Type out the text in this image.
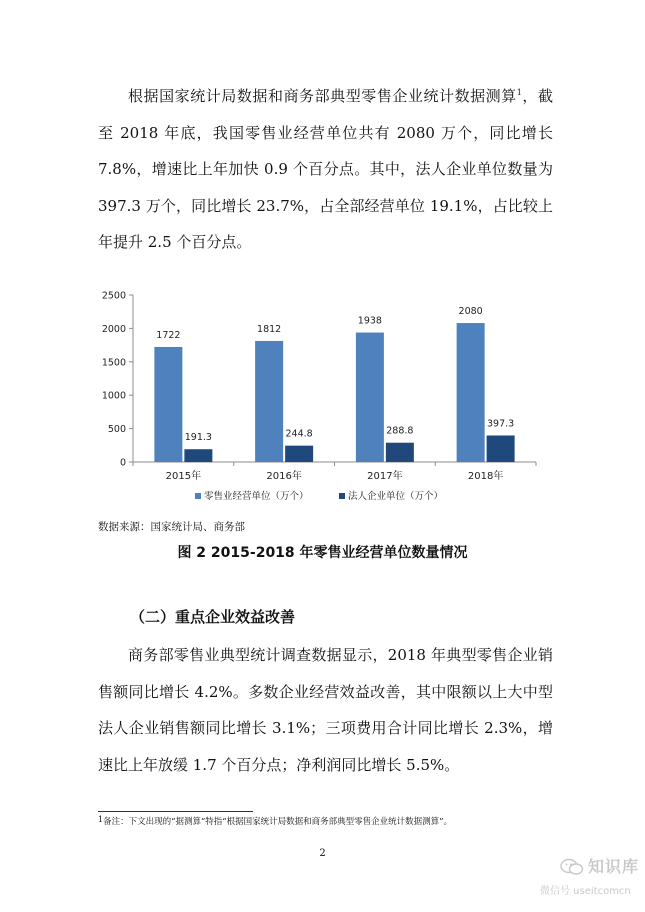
根据国家统计局数据和商务部典型零售企业统计数据测算$^1$，截至 2018 年底，我国零售业经营单位共有 2080 万个，同比增长 7.8%，增速比上年加快 0.9 个百分点。其中，法人企业单位数量为 397.3 万个，同比增长 23.7%，占全部经营单位 19.1%，占比较上年提升 2.5 个百分点。

0
500
1000
1500
2000
2500
2015年	2016年	2017年	2018年
1722
1812
1938
2080
191.3	244.8	288.8
397.3
零售业经营单位（万个）	法人企业单位（万个）
数据来源：国家统计局、商务部
图 2 2015-2018 年零售业经营单位数量情况
（二）重点企业效益改善

商务部零售业典型统计调查数据显示，2018 年典型零售企业销售额同比增长 4.2%。多数企业经营效益改善，其中限额以上大中型法人企业销售额同比增长 3.1%；三项费用合计同比增长 2.3%，增速比上年放缓 1.7 个百分点；净利润同比增长 5.5%。

1备注：下文出现的“据测算”特指“根据国家统计局数据和商务部典型零售企业统计数据测算”。
2
知识库
微信号 useitcomcn
